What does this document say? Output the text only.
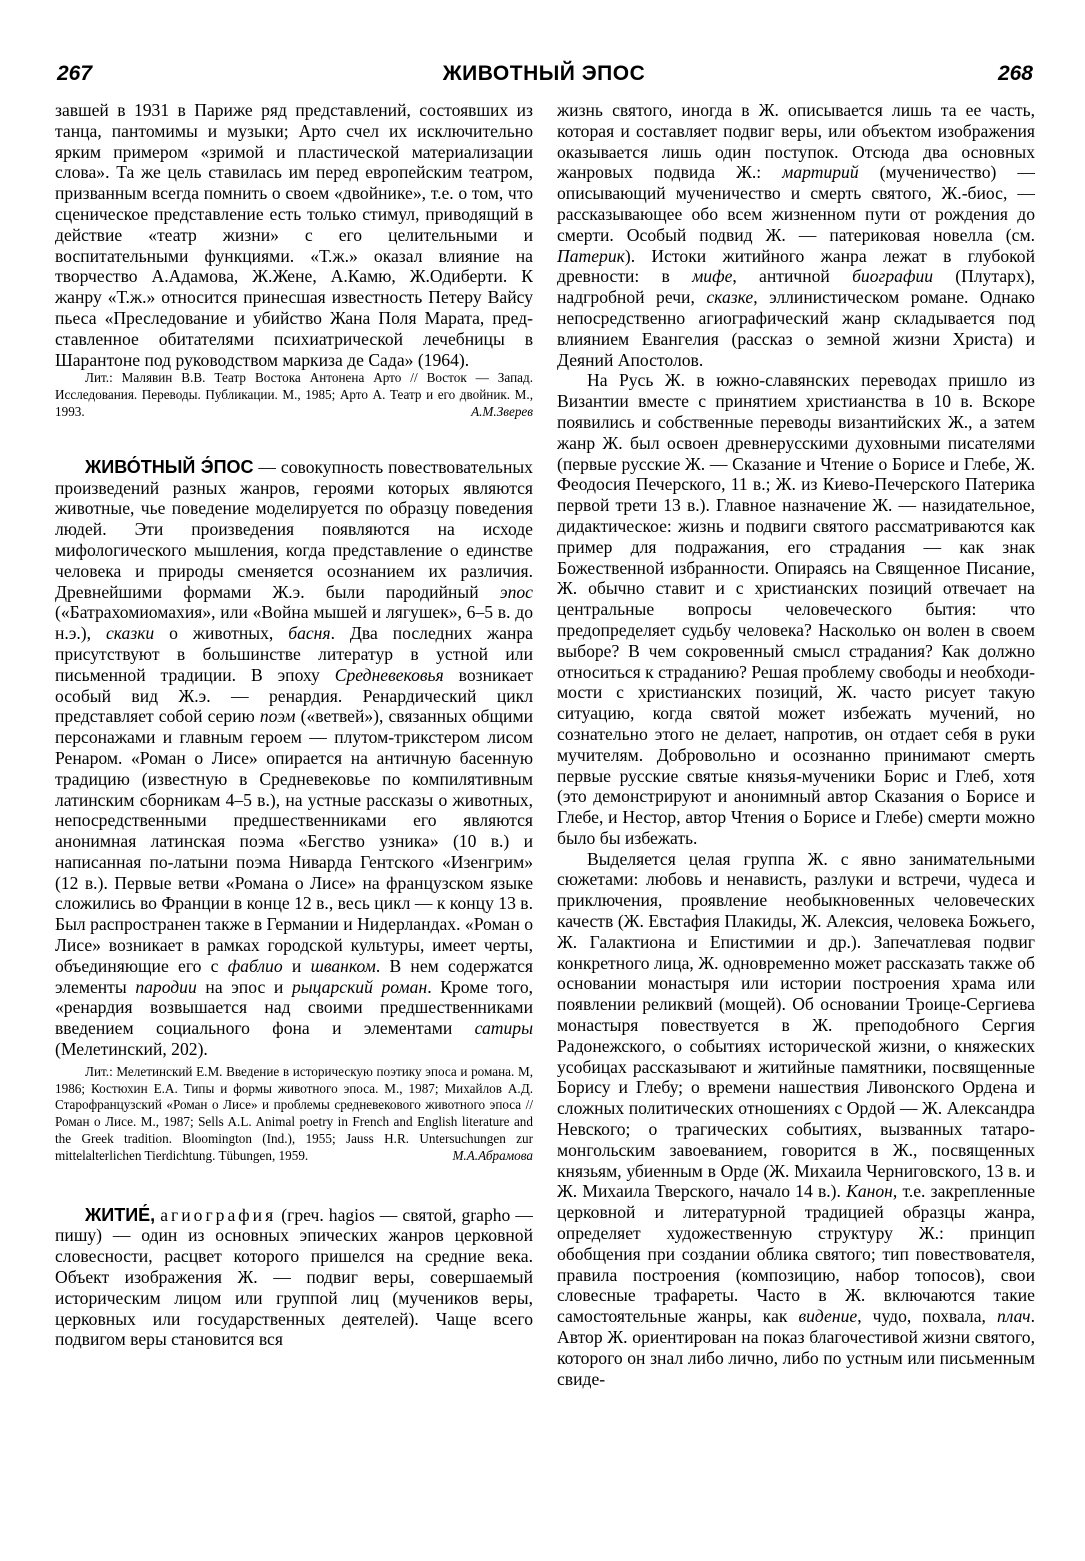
267	ЖИВОТНЫЙ ЭПОС	268

завшей в 1931 в Париже ряд представлений, состоявших из танца, пантомимы и музыки; Арто счел их исключительно ярким примером «зримой и пластической материализации слова». Та же цель ставилась им перед европейским театром, призванным всегда помнить о своем «двойнике», т.е. о том, что сценическое представление есть только стимул, приводящий в действие «театр жизни» с его целительными и воспитательными функциями. «Т.ж.» оказал влияние на творчество А.Адамова, Ж.Жене, А.Камю, Ж.Одиберти. К жанру «Т.ж.» относится принесшая известность Петеру Вайсу пьеса «Преследование и убийство Жана Поля Марата, представленное обитателями психиатрической лечебницы в Шарантоне под руководством маркиза де Сада» (1964).

Лит.: Малявин В.В. Театр Востока Антонена Арто // Восток — Запад. Исследования. Переводы. Публикации. М., 1985; Арто А. Театр и его двойник. М., 1993.	А.М.Зверев

ЖИВО́ТНЫЙ Э́ПОС — совокупность повествовательных произведений разных жанров, героями которых являются животные, чье поведение моделируется по образцу поведения людей. Эти произведения появляются на исходе мифологического мышления, когда представление о единстве человека и природы сменяется осознанием их различия. Древнейшими формами Ж.э. были пародийный эпос («Батрахомиомахия», или «Война мышей и лягушек», 6–5 в. до н.э.), сказки о животных, басня. Два последних жанра присутствуют в большинстве литератур в устной или письменной традиции. В эпоху Средневековья возникает особый вид Ж.э. — ренардия. Ренардический цикл представляет собой серию поэм («ветвей»), связанных общими персонажами и главным героем — плутом-трикстером лисом Ренаром. «Роман о Лисе» опирается на античную басенную традицию (известную в Средневековье по компилятивным латинским сборникам 4–5 в.), на устные рассказы о животных, непосредственными предшественниками его являются анонимная латинская поэма «Бегство узника» (10 в.) и написанная по-латыни поэма Ниварда Гентского «Изенгрим» (12 в.). Первые ветви «Романа о Лисе» на французском языке сложились во Франции в конце 12 в., весь цикл — к концу 13 в. Был распространен также в Германии и Нидерландах. «Роман о Лисе» возникает в рамках городской культуры, имеет черты, объединяющие его с фаблио и шванком. В нем содержатся элементы пародии на эпос и рыцарский роман. Кроме того, «ренардия возвышается над своими предшественниками введением социального фона и элементами сатиры (Мелетинский, 202).

Лит.: Мелетинский Е.М. Введение в историческую поэтику эпоса и романа. М, 1986; Костюхин Е.А. Типы и формы животного эпоса. М., 1987; Михайлов А.Д. Старофранцузский «Роман о Лисе» и проблемы средневекового животного эпоса // Роман о Лисе. М., 1987; Sells A.L. Animal poetry in French and English literature and the Greek tradition. Bloomington (Ind.), 1955; Jauss H.R. Untersuchungen zur mittelalterlichen Tierdichtung. Tübungen, 1959.	М.А.Абрамова

ЖИТИЕ́, агиография (греч. hagios — святой, grapho — пишу) — один из основных эпических жанров церковной словесности, расцвет которого пришелся на средние века. Объект изображения Ж. — подвиг веры, совершаемый историческим лицом или группой лиц (мучеников веры, церковных или государственных деятелей). Чаще всего подвигом веры становится вся

жизнь святого, иногда в Ж. описывается лишь та ее часть, которая и составляет подвиг веры, или объектом изображения оказывается лишь один поступок. Отсюда два основных жанровых подвида Ж.: мартирий (мученичество) — описывающий мученичество и смерть святого, Ж.-биос, — рассказывающее обо всем жизненном пути от рождения до смерти. Особый подвид Ж. — патериковая новелла (см. Патерик). Истоки житийного жанра лежат в глубокой древности: в мифе, античной биографии (Плутарх), надгробной речи, сказке, эллинистическом романе. Однако непосредственно агиографический жанр складывается под влиянием Евангелия (рассказ о земной жизни Христа) и Деяний Апостолов.

На Русь Ж. в южно-славянских переводах пришло из Византии вместе с принятием христианства в 10 в. Вскоре появились и собственные переводы византийских Ж., а затем жанр Ж. был освоен древнерусскими духовными писателями (первые русские Ж. — Сказание и Чтение о Борисе и Глебе, Ж. Феодосия Печерского, 11 в.; Ж. из Киево-Печерского Патерика первой трети 13 в.). Главное назначение Ж. — назидательное, дидактическое: жизнь и подвиги святого рассматриваются как пример для подражания, его страдания — как знак Божественной избранности. Опираясь на Священное Писание, Ж. обычно ставит и с христианских позиций отвечает на центральные вопросы человеческого бытия: что предопределяет судьбу человека? Насколько он волен в своем выборе? В чем сокровенный смысл страдания? Как должно относиться к страданию? Решая проблему свободы и необходимости с христианских позиций, Ж. часто рисует такую ситуацию, когда святой может избежать мучений, но сознательно этого не делает, напротив, он отдает себя в руки мучителям. Добровольно и осознанно принимают смерть первые русские святые князья-мученики Борис и Глеб, хотя (это демонстрируют и анонимный автор Сказания о Борисе и Глебе, и Нестор, автор Чтения о Борисе и Глебе) смерти можно было бы избежать.

Выделяется целая группа Ж. с явно занимательными сюжетами: любовь и ненависть, разлуки и встречи, чудеса и приключения, проявление необыкновенных человеческих качеств (Ж. Евстафия Плакиды, Ж. Алексия, человека Божьего, Ж. Галактиона и Епистимии и др.). Запечатлевая подвиг конкретного лица, Ж. одновременно может рассказать также об основании монастыря или истории построения храма или появлении реликвий (мощей). Об основании Троице-Сергиева монастыря повествуется в Ж. преподобного Сергия Радонежского, о событиях исторической жизни, о княжеских усобицах рассказывают и житийные памятники, посвященные Борису и Глебу; о времени нашествия Ливонского Ордена и сложных политических отношениях с Ордой — Ж. Александра Невского; о трагических событиях, вызванных татаро-монгольским завоеванием, говорится в Ж., посвященных князьям, убиенным в Орде (Ж. Михаила Черниговского, 13 в. и Ж. Михаила Тверского, начало 14 в.). Канон, т.е. закрепленные церковной и литературной традицией образцы жанра, определяет художественную структуру Ж.: принцип обобщения при создании облика святого; тип повествователя, правила построения (композицию, набор топосов), свои словесные трафареты. Часто в Ж. включаются такие самостоятельные жанры, как видение, чудо, похвала, плач. Автор Ж. ориентирован на показ благочестивой жизни святого, которого он знал либо лично, либо по устным или письменным свиде-
